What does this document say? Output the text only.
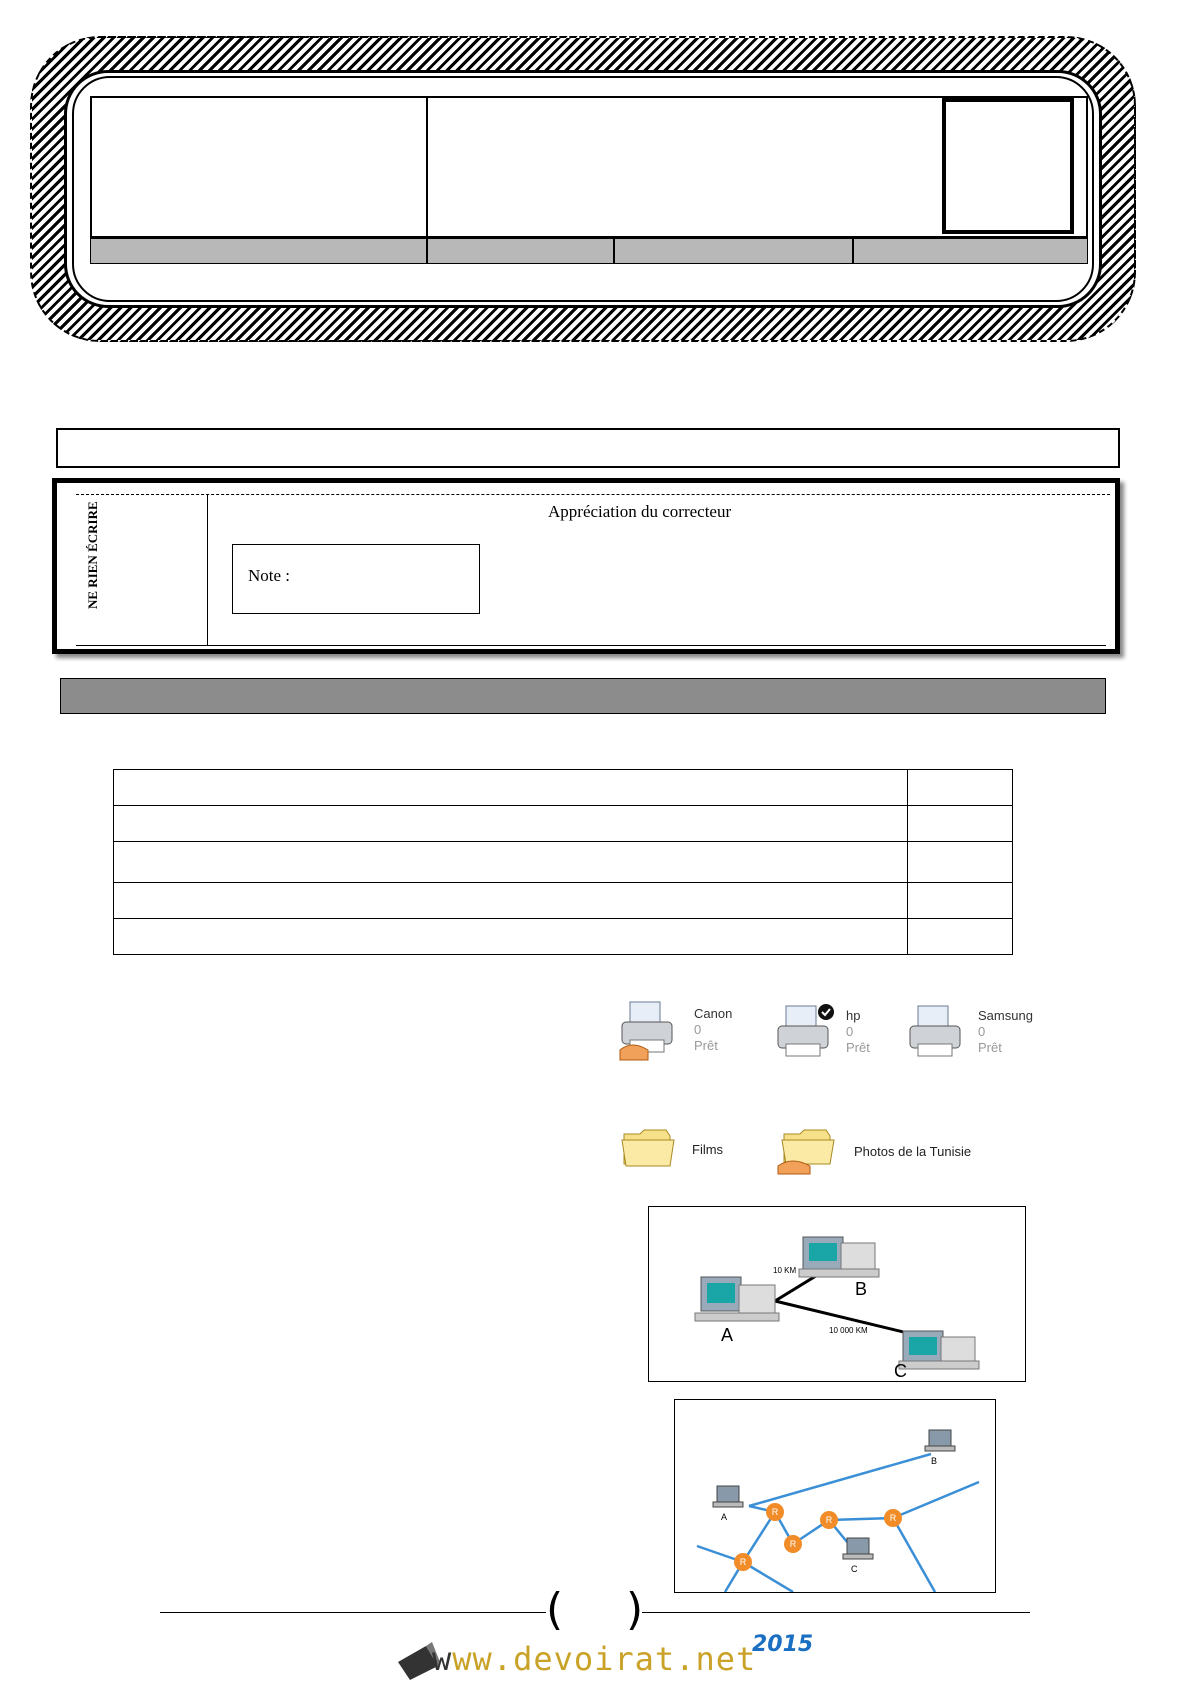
NE RIEN ÉCRIRE	Appréciation du correcteur
Note :

Canon
0
Prêt
hp
0
Prêt
Samsung
0
Prêt
Films	Photos de la Tunisie
A
B
C
10 KM
10 000 KM
R
R
R	R
R
A
B
C
( )
www.devoirat.net
2015
